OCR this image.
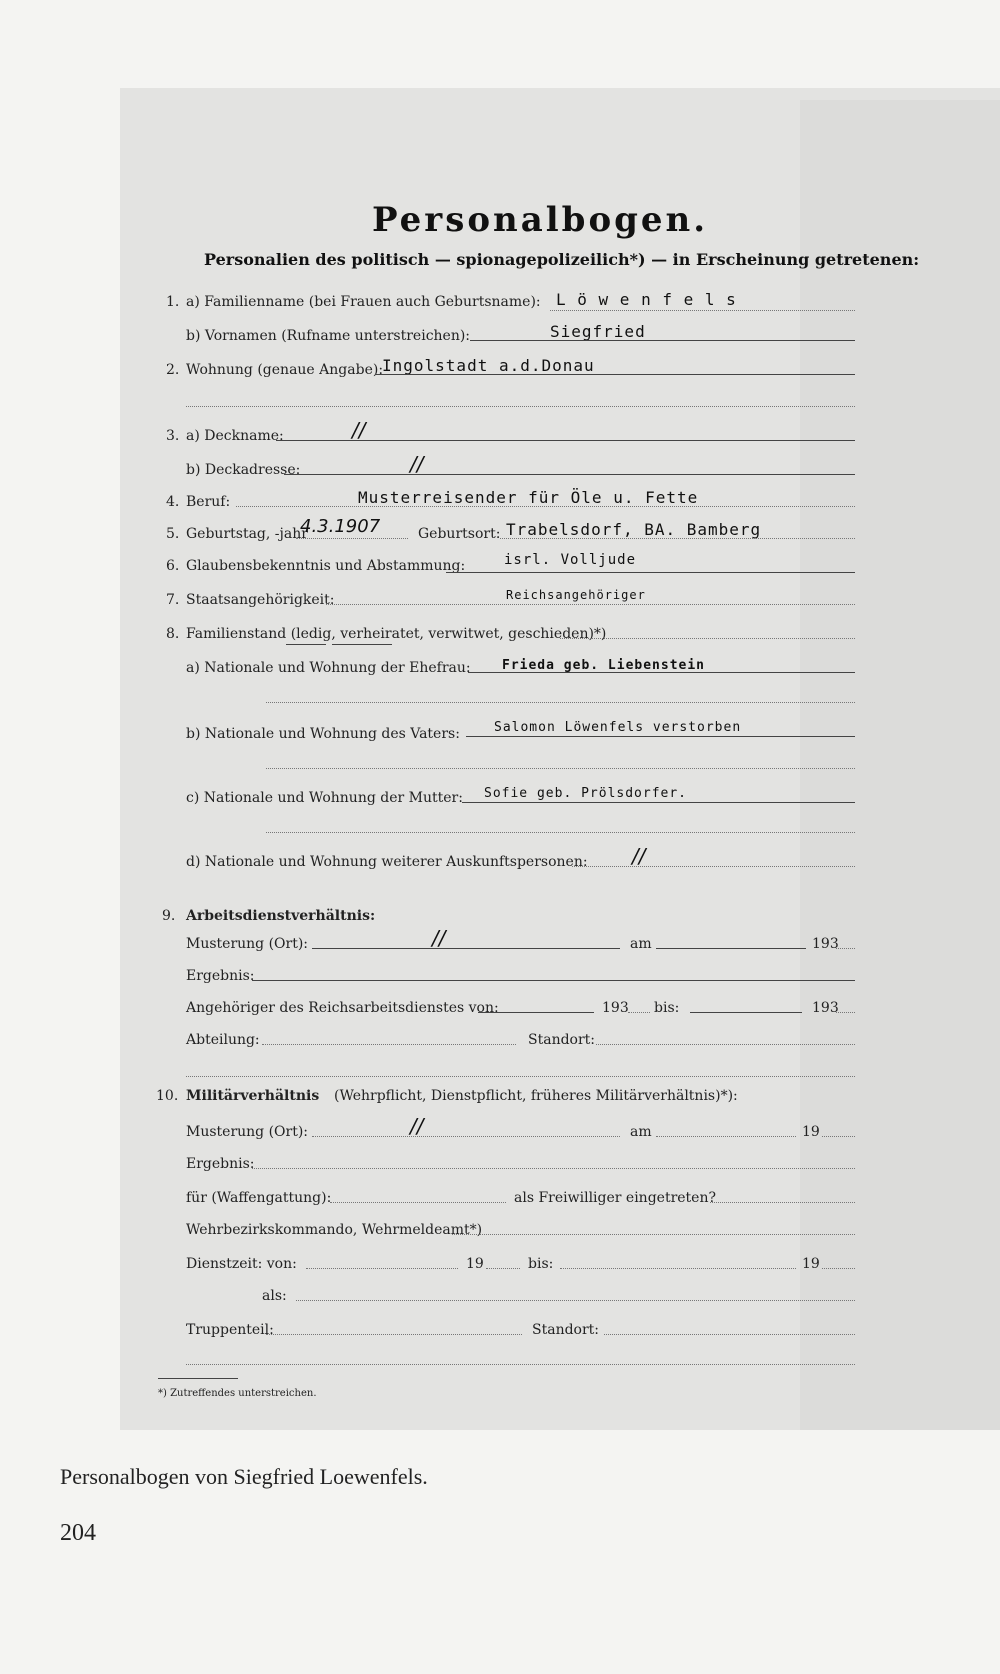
Personalbogen.
Personalien des politisch — spionagepolizeilich*) — in Erscheinung getretenen:
1. a) Familienname (bei Frauen auch Geburtsname): L ö w e n f e l s
b) Vornamen (Rufname unterstreichen):	Siegfried
2. Wohnung (genaue Angabe):
Ingolstadt a.d.Donau
3. a) Deckname:	//
b) Deckadresse:	//
4. Beruf:	Musterreisender für Öle u. Fette
5. Geburtstag, -jahr
4.3.1907	Geburtsort: Trabelsdorf, BA. Bamberg
6. Glaubensbekenntnis und Abstammung:	isrl. Volljude
7. Staatsangehörigkeit:	Reichsangehöriger
8. Familienstand (ledig, verheiratet, verwitwet, geschieden)*)
a) Nationale und Wohnung der Ehefrau: Frieda geb. Liebenstein
b) Nationale und Wohnung des Vaters:	Salomon Löwenfels verstorben
c) Nationale und Wohnung der Mutter: Sofie geb. Prölsdorfer.
d) Nationale und Wohnung weiterer Auskunftspersonen: //
9. Arbeitsdienstverhältnis:
Musterung (Ort):	//	am	193
Ergebnis:
Angehöriger des Reichsarbeitsdienstes von:	193 bis:	193
Abteilung:	Standort:
10. Militärverhältnis (Wehrpflicht, Dienstpflicht, früheres Militärverhältnis)*):
Musterung (Ort):	//	am	19
Ergebnis:
für (Waffengattung):	als Freiwilliger eingetreten?
Wehrbezirkskommando, Wehrmeldeamt*)
Dienstzeit: von:	19	bis:	19
als:
Truppenteil:	Standort:
*) Zutreffendes unterstreichen.
Personalbogen von Siegfried Loewenfels.
204
